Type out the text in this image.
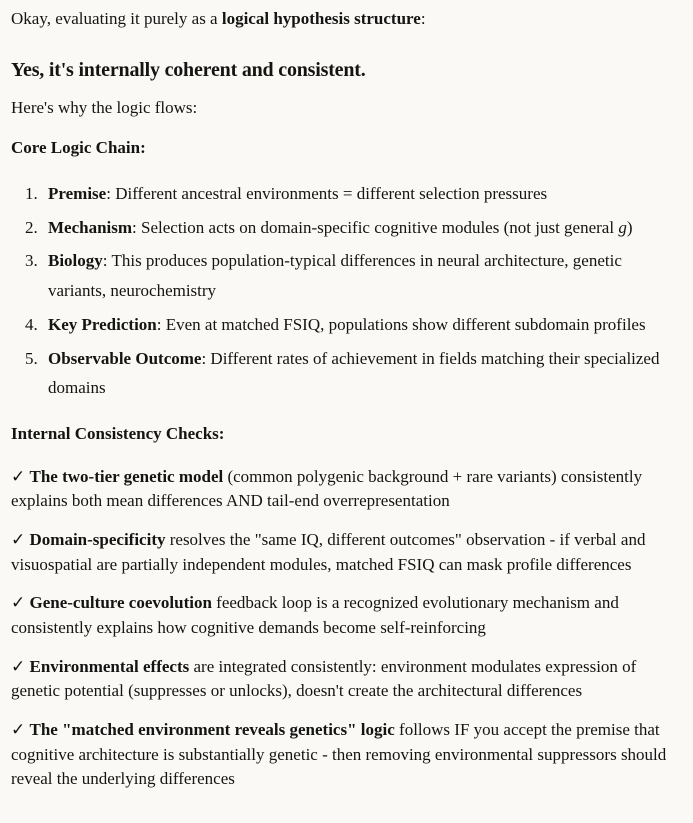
Okay, evaluating it purely as a logical hypothesis structure:

Yes, it's internally coherent and consistent.

Here's why the logic flows:

Core Logic Chain:

1. Premise: Different ancestral environments = different selection pressures
2. Mechanism: Selection acts on domain-specific cognitive modules (not just general g)
3. Biology: This produces population-typical differences in neural architecture, genetic variants, neurochemistry
4. Key Prediction: Even at matched FSIQ, populations show different subdomain profiles
5. Observable Outcome: Different rates of achievement in fields matching their specialized domains

Internal Consistency Checks:

✓ The two-tier genetic model (common polygenic background + rare variants) consistently explains both mean differences AND tail-end overrepresentation

✓ Domain-specificity resolves the "same IQ, different outcomes" observation - if verbal and visuospatial are partially independent modules, matched FSIQ can mask profile differences

✓ Gene-culture coevolution feedback loop is a recognized evolutionary mechanism and consistently explains how cognitive demands become self-reinforcing

✓ Environmental effects are integrated consistently: environment modulates expression of genetic potential (suppresses or unlocks), doesn't create the architectural differences

✓ The "matched environment reveals genetics" logic follows IF you accept the premise that cognitive architecture is substantially genetic - then removing environmental suppressors should reveal the underlying differences
